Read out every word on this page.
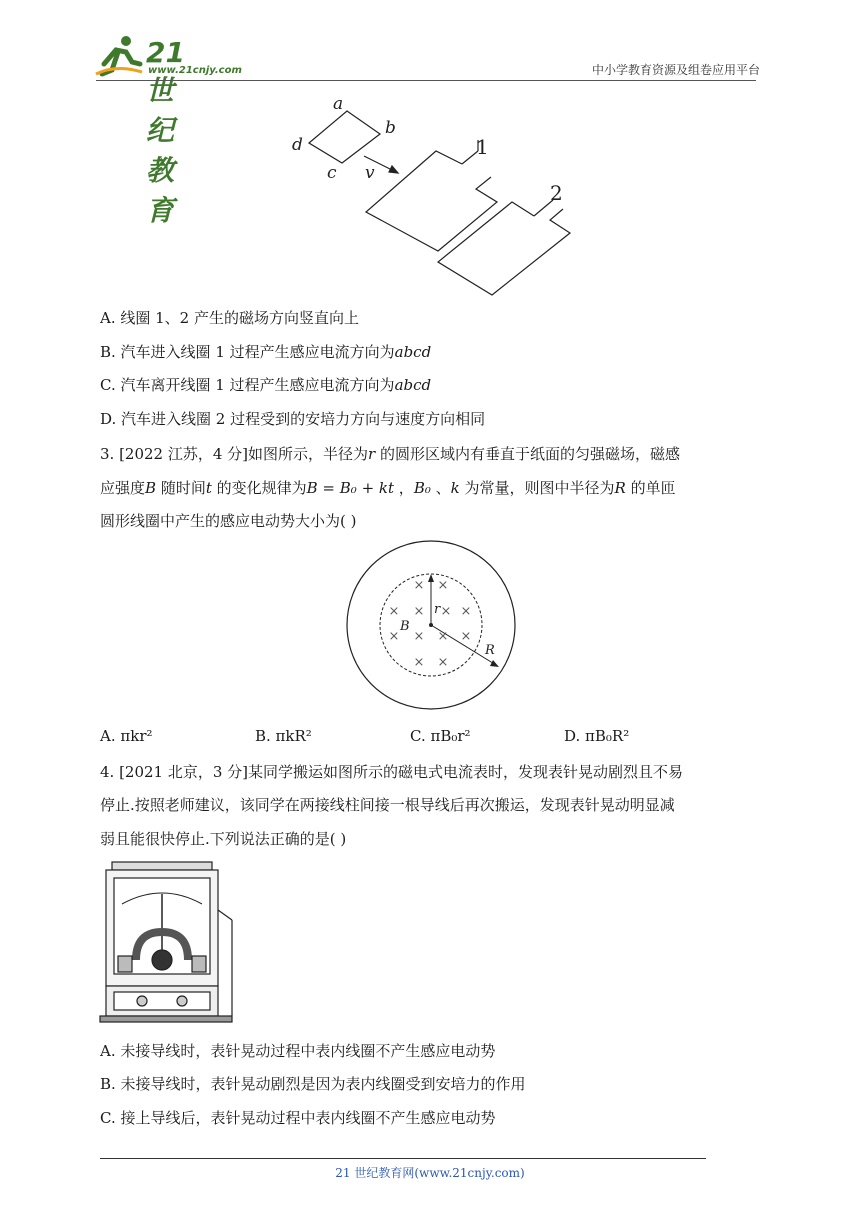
21世纪教育
www.21cnjy.com	中小学教育资源及组卷应用平台
a
b
c
d
v
1
2
A. 线圈 1、2 产生的磁场方向竖直向上
B. 汽车进入线圈 1 过程产生感应电流方向为abcd
C. 汽车离开线圈 1 过程产生感应电流方向为abcd
D. 汽车进入线圈 2 过程受到的安培力方向与速度方向相同
3. [2022 江苏，4 分]如图所示，半径为r 的圆形区域内有垂直于纸面的匀强磁场，磁感
应强度B 随时间t 的变化规律为B = B₀ + kt ，B₀ 、k 为常量，则图中半径为R 的单匝
圆形线圈中产生的感应电动势大小为( )
× ×
× × × ×
× × × ×
× ×
r
B
R
A. πkr²	B. πkR²	C. πB₀r²	D. πB₀R²
4. [2021 北京，3 分]某同学搬运如图所示的磁电式电流表时，发现表针晃动剧烈且不易
停止.按照老师建议，该同学在两接线柱间接一根导线后再次搬运，发现表针晃动明显减
弱且能很快停止.下列说法正确的是( )
A. 未接导线时，表针晃动过程中表内线圈不产生感应电动势
B. 未接导线时，表针晃动剧烈是因为表内线圈受到安培力的作用
C. 接上导线后，表针晃动过程中表内线圈不产生感应电动势
21 世纪教育网(www.21cnjy.com)
